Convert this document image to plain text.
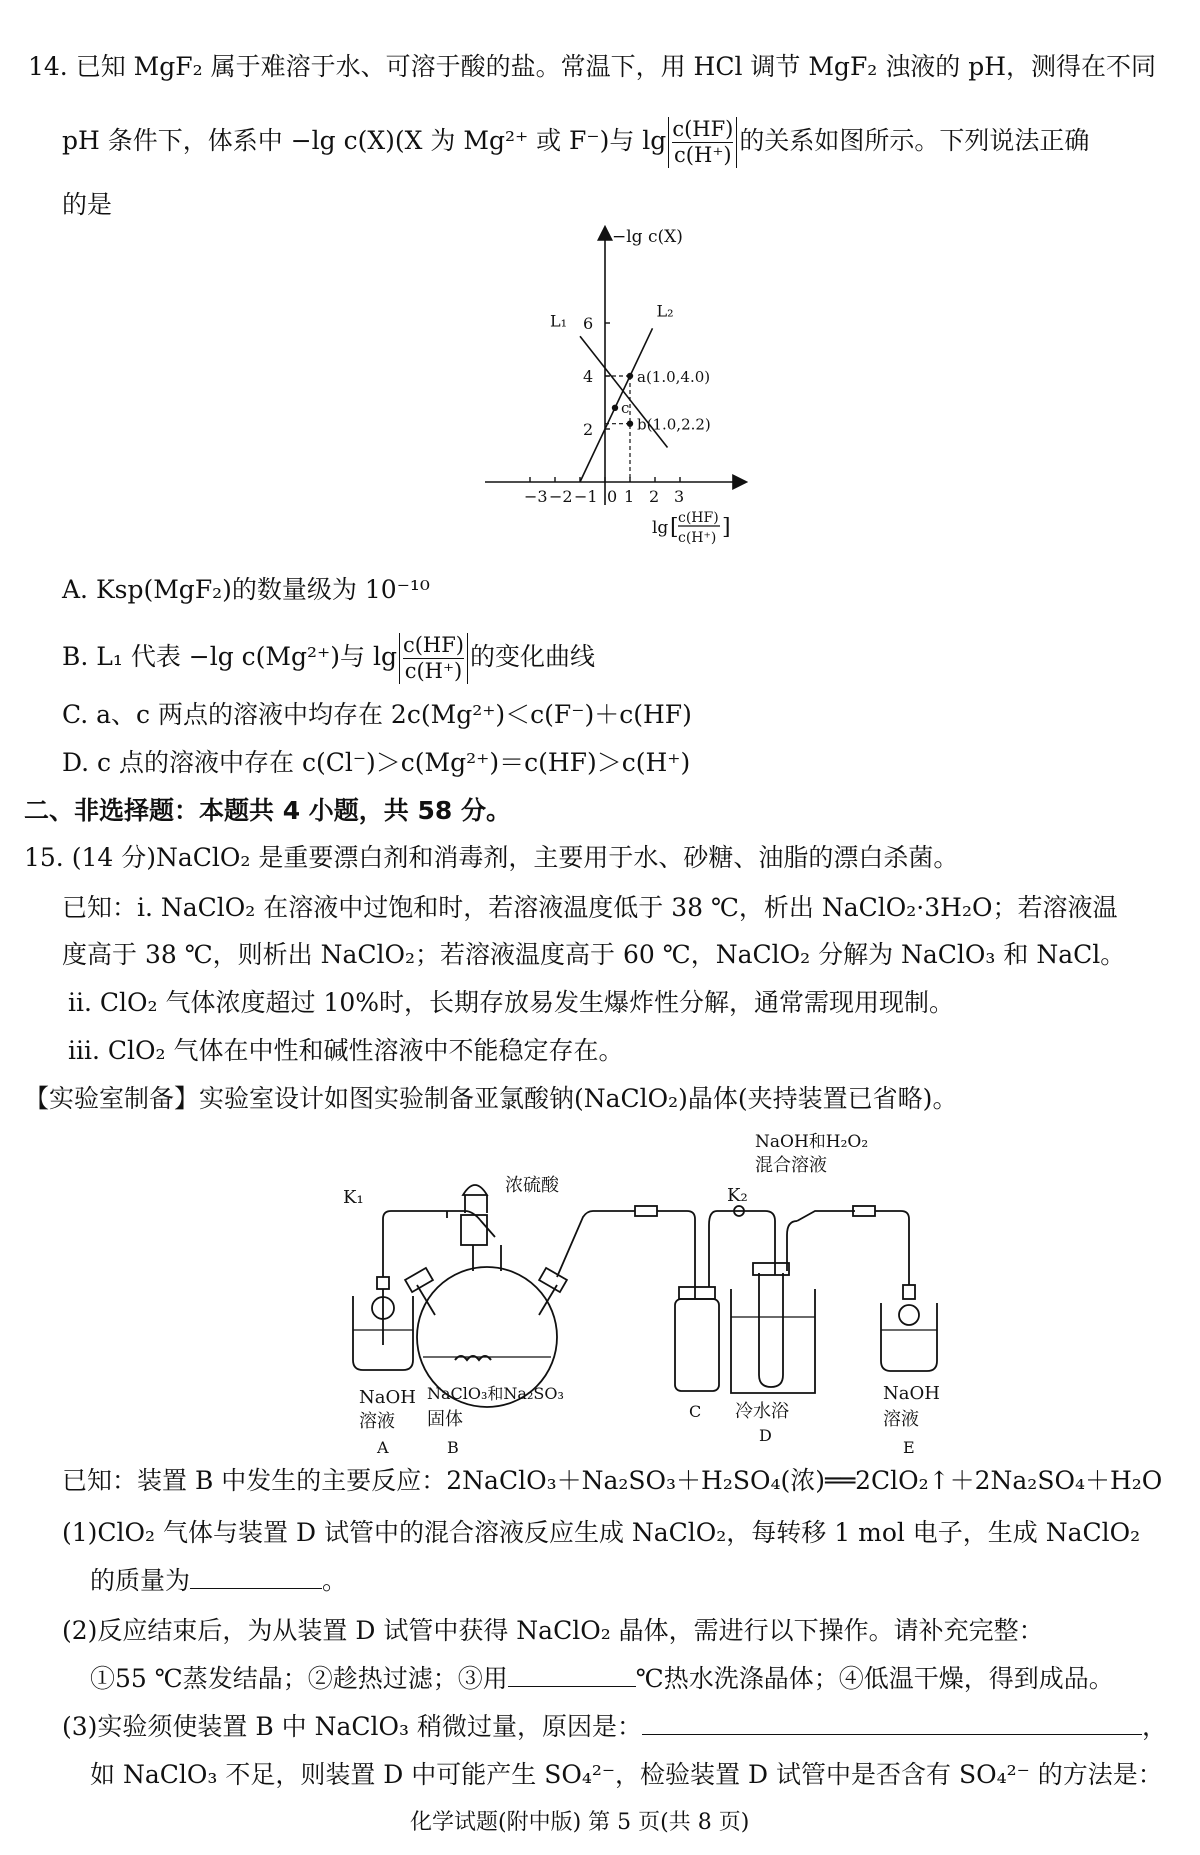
14. 已知 MgF₂ 属于难溶于水、可溶于酸的盐。常温下，用 HCl 调节 MgF₂ 浊液的 pH，测得在不同
pH 条件下，体系中 −lg c(X)(X 为 Mg²⁺ 或 F⁻)与 $\lg \frac{c(HF)}{c(H^+)}$ 的关系如图所示。下列说法正确
的是
−3 −2 −1 0 1 2 3
2
4
6
L₁
L₂
a(1.0,4.0)
b(1.0,2.2)
c
−lg c(X)
lg [ c(HF)
c(H⁺) ]
A. Ksp(MgF₂)的数量级为 10⁻¹⁰
B. L₁ 代表 −lg c(Mg²⁺)与 $\lg \frac{c(HF)}{c(H^+)}$ 的变化曲线
C. a、c 两点的溶液中均存在 2c(Mg²⁺)＜c(F⁻)＋c(HF)
D. c 点的溶液中存在 c(Cl⁻)＞c(Mg²⁺)＝c(HF)＞c(H⁺)
二、非选择题：本题共 4 小题，共 58 分。
15. (14 分)NaClO₂ 是重要漂白剂和消毒剂，主要用于水、砂糖、油脂的漂白杀菌。
已知：ⅰ. NaClO₂ 在溶液中过饱和时，若溶液温度低于 38 ℃，析出 NaClO₂·3H₂O；若溶液温
度高于 38 ℃，则析出 NaClO₂；若溶液温度高于 60 ℃，NaClO₂ 分解为 NaClO₃ 和 NaCl。
ⅱ. ClO₂ 气体浓度超过 10%时，长期存放易发生爆炸性分解，通常需现用现制。
ⅲ. ClO₂ 气体在中性和碱性溶液中不能稳定存在。
【实验室制备】实验室设计如图实验制备亚氯酸钠(NaClO₂)晶体(夹持装置已省略)。
K₁
浓硫酸	K₂
NaOH和H₂O₂
混合溶液
NaOH
溶液
A
NaClO₃和Na₂SO₃
固体
B
C 冷水浴
D
NaOH
溶液
E
已知：装置 B 中发生的主要反应：2NaClO₃＋Na₂SO₃＋H₂SO₄(浓)══2ClO₂↑＋2Na₂SO₄＋H₂O
(1)ClO₂ 气体与装置 D 试管中的混合溶液反应生成 NaClO₂，每转移 1 mol 电子，生成 NaClO₂
的质量为	。
(2)反应结束后，为从装置 D 试管中获得 NaClO₂ 晶体，需进行以下操作。请补充完整：
①55 ℃蒸发结晶；②趁热过滤；③用	℃热水洗涤晶体；④低温干燥，得到成品。
(3)实验须使装置 B 中 NaClO₃ 稍微过量，原因是：	，
如 NaClO₃ 不足，则装置 D 中可能产生 SO₄²⁻，检验装置 D 试管中是否含有 SO₄²⁻ 的方法是：
化学试题(附中版) 第 5 页(共 8 页)
